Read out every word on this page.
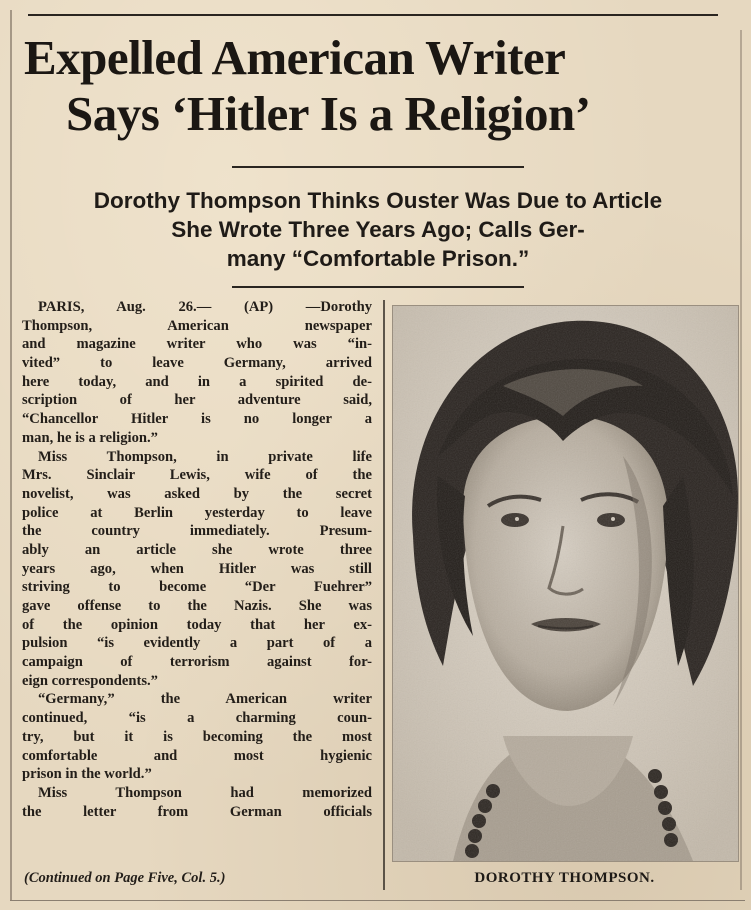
Expelled American Writer
Says ‘Hitler Is a Religion’
Dorothy Thompson Thinks Ouster Was Due to Article
She Wrote Three Years Ago; Calls Ger-
many “Comfortable Prison.”
PARIS, Aug. 26.— (AP) —Dorothy
Thompson, American newspaper
and magazine writer who was “in-
vited” to leave Germany, arrived
here today, and in a spirited de-
scription of her adventure said,
“Chancellor Hitler is no longer a
man, he is a religion.”
Miss Thompson, in private life
Mrs. Sinclair Lewis, wife of the
novelist, was asked by the secret
police at Berlin yesterday to leave
the country immediately. Presum-
ably an article she wrote three
years ago, when Hitler was still
striving to become “Der Fuehrer”
gave offense to the Nazis. She was
of the opinion today that her ex-
pulsion “is evidently a part of a
campaign of terrorism against for-
eign correspondents.”
“Germany,” the American writer
continued, “is a charming coun-
try, but it is becoming the most
comfortable and most hygienic
prison in the world.”
Miss Thompson had memorized
the letter from German officials
(Continued on Page Five, Col. 5.)	DOROTHY THOMPSON.
